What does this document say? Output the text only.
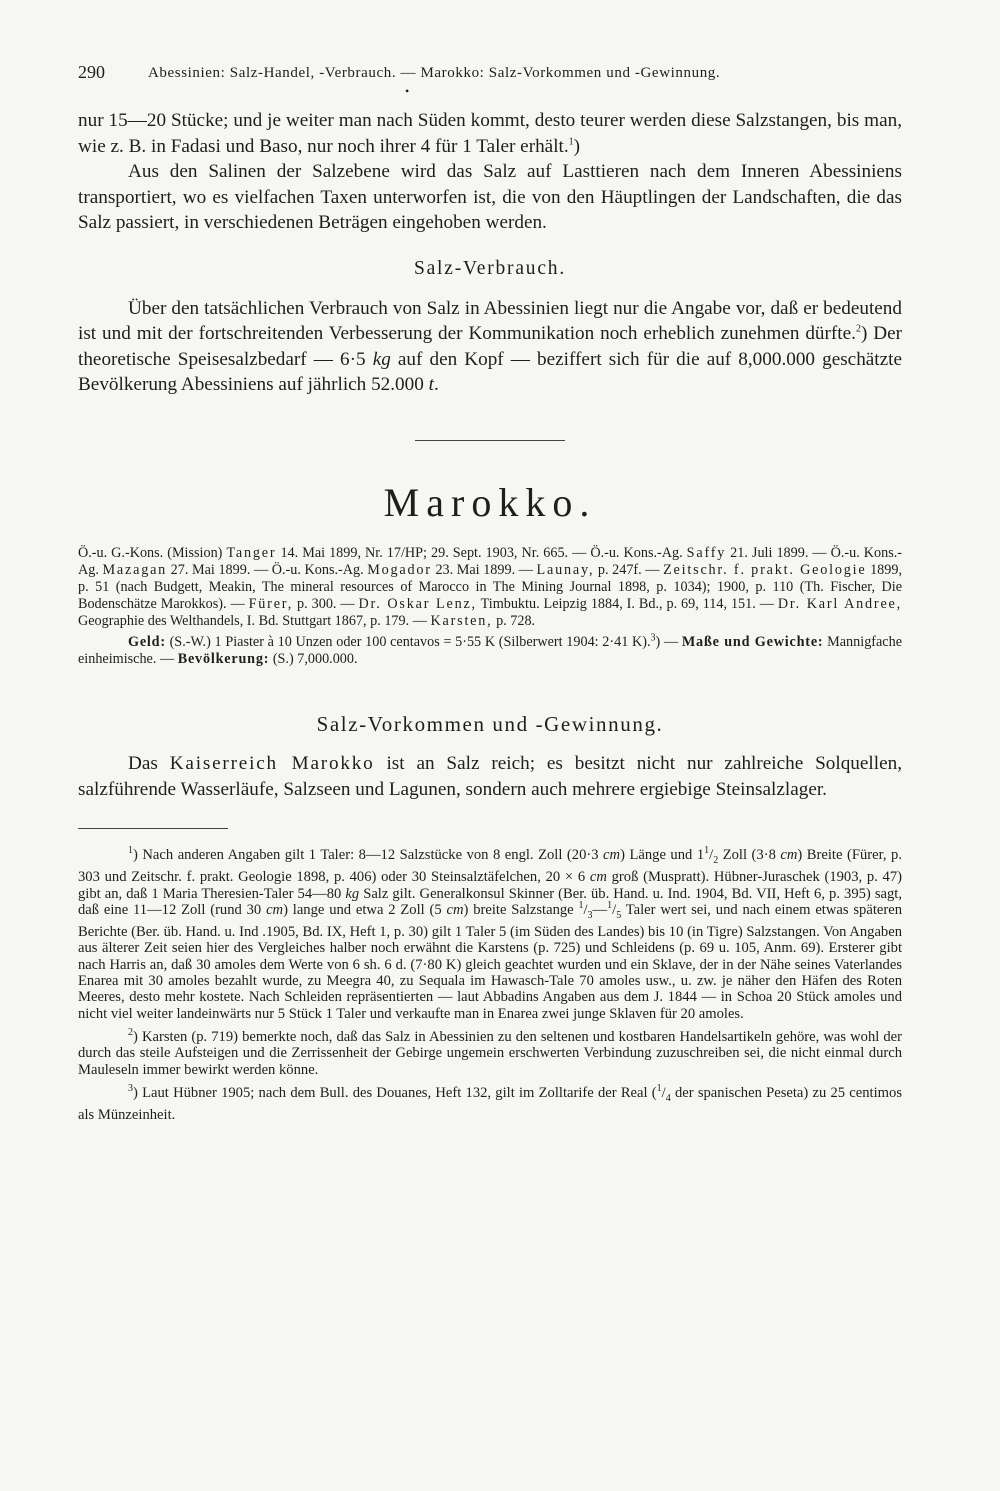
290	Abessinien: Salz-Handel, -Verbrauch. — Marokko: Salz-Vorkommen und -Gewinnung.
•

nur 15—20 Stücke; und je weiter man nach Süden kommt, desto teurer werden diese Salzstangen, bis man, wie z. B. in Fadasi und Baso, nur noch ihrer 4 für 1 Taler erhält.$^1$)

Aus den Salinen der Salzebene wird das Salz auf Lasttieren nach dem Inneren Abessiniens transportiert, wo es vielfachen Taxen unterworfen ist, die von den Häuptlingen der Landschaften, die das Salz passiert, in verschiedenen Beträgen eingehoben werden.

Salz-Verbrauch.

Über den tatsächlichen Verbrauch von Salz in Abessinien liegt nur die Angabe vor, daß er bedeutend ist und mit der fortschreitenden Verbesserung der Kommunikation noch erheblich zunehmen dürfte.$^2$) Der theoretische Speisesalzbedarf — 6·5 kg auf den Kopf — beziffert sich für die auf 8,000.000 geschätzte Bevölkerung Abessiniens auf jährlich 52.000 t.

Marokko.

Ö.-u. G.-Kons. (Mission) Tanger 14. Mai 1899, Nr. 17/HP; 29. Sept. 1903, Nr. 665. — Ö.-u. Kons.-Ag. Saffy 21. Juli 1899. — Ö.-u. Kons.-Ag. Mazagan 27. Mai 1899. — Ö.-u. Kons.-Ag. Mogador 23. Mai 1899. — Launay, p. 247f. — Zeitschr. f. prakt. Geologie 1899, p. 51 (nach Budgett, Meakin, The mineral resources of Marocco in The Mining Journal 1898, p. 1034); 1900, p. 110 (Th. Fischer, Die Bodenschätze Marokkos). — Fürer, p. 300. — Dr. Oskar Lenz, Timbuktu. Leipzig 1884, I. Bd., p. 69, 114, 151. — Dr. Karl Andree, Geographie des Welthandels, I. Bd. Stuttgart 1867, p. 179. — Karsten, p. 728.

Geld: (S.-W.) 1 Piaster à 10 Unzen oder 100 centavos = 5·55 K (Silberwert 1904: 2·41 K).$^3$) — Maße und Gewichte: Mannigfache einheimische. — Bevölkerung: (S.) 7,000.000.

Salz-Vorkommen und -Gewinnung.

Das Kaiserreich Marokko ist an Salz reich; es besitzt nicht nur zahlreiche Solquellen, salzführende Wasserläufe, Salzseen und Lagunen, sondern auch mehrere ergiebige Steinsalzlager.

$^1$) Nach anderen Angaben gilt 1 Taler: 8—12 Salzstücke von 8 engl. Zoll (20·3 cm) Länge und $1^1/_2$ Zoll (3·8 cm) Breite (Fürer, p. 303 und Zeitschr. f. prakt. Geologie 1898, p. 406) oder 30 Steinsalztäfelchen, 20 × 6 cm groß (Muspratt). Hübner-Juraschek (1903, p. 47) gibt an, daß 1 Maria Theresien-Taler 54—80 kg Salz gilt. Generalkonsul Skinner (Ber. üb. Hand. u. Ind. 1904, Bd. VII, Heft 6, p. 395) sagt, daß eine 11—12 Zoll (rund 30 cm) lange und etwa 2 Zoll (5 cm) breite Salzstange $^1/_3—^1/_5$ Taler wert sei, und nach einem etwas späteren Berichte (Ber. üb. Hand. u. Ind .1905, Bd. IX, Heft 1, p. 30) gilt 1 Taler 5 (im Süden des Landes) bis 10 (in Tigre) Salzstangen. Von Angaben aus älterer Zeit seien hier des Vergleiches halber noch erwähnt die Karstens (p. 725) und Schleidens (p. 69 u. 105, Anm. 69). Ersterer gibt nach Harris an, daß 30 amoles dem Werte von 6 sh. 6 d. (7·80 K) gleich geachtet wurden und ein Sklave, der in der Nähe seines Vaterlandes Enarea mit 30 amoles bezahlt wurde, zu Meegra 40, zu Sequala im Hawasch-Tale 70 amoles usw., u. zw. je näher den Häfen des Roten Meeres, desto mehr kostete. Nach Schleiden repräsentierten — laut Abbadins Angaben aus dem J. 1844 — in Schoa 20 Stück amoles und nicht viel weiter landeinwärts nur 5 Stück 1 Taler und verkaufte man in Enarea zwei junge Sklaven für 20 amoles.

$^2$) Karsten (p. 719) bemerkte noch, daß das Salz in Abessinien zu den seltenen und kostbaren Handelsartikeln gehöre, was wohl der durch das steile Aufsteigen und die Zerrissenheit der Gebirge ungemein erschwerten Verbindung zuzuschreiben sei, die nicht einmal durch Mauleseln immer bewirkt werden könne.

$^3$) Laut Hübner 1905; nach dem Bull. des Douanes, Heft 132, gilt im Zolltarife der Real ($^1/_4$ der spanischen Peseta) zu 25 centimos als Münzeinheit.
